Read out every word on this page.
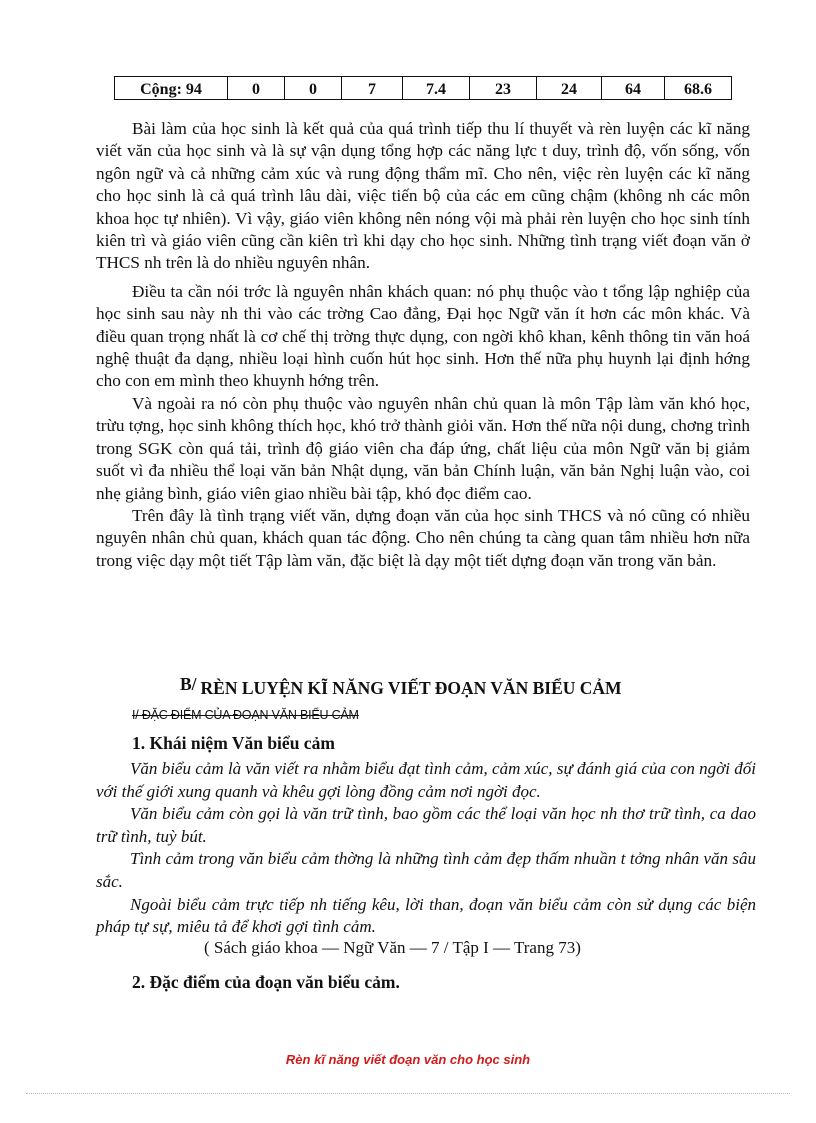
Cộng: 94	0	0	7	7.4	23	24	64	68.6

Bài làm của học sinh là kết quả của quá trình tiếp thu lí thuyết và rèn luyện các kĩ năng viết văn của học sinh và là sự vận dụng tổng hợp các năng lực t duy, trình độ, vốn sống, vốn ngôn ngữ và cả những cảm xúc và rung động thẩm mĩ. Cho nên, việc rèn luyện các kĩ năng cho học sinh là cả quá trình lâu dài, việc tiến bộ của các em cũng chậm (không nh các môn khoa học tự nhiên). Vì vậy, giáo viên không nên nóng vội mà phải rèn luyện cho học sinh tính kiên trì và giáo viên cũng cần kiên trì khi dạy cho học sinh. Những tình trạng viết đoạn văn ở THCS nh trên là do nhiều nguyên nhân.

Điều ta cần nói trớc là nguyên nhân khách quan: nó phụ thuộc vào t tổng lập nghiệp của học sinh sau này nh thi vào các trờng Cao đẳng, Đại học Ngữ văn ít hơn các môn khác. Và điều quan trọng nhất là cơ chế thị trờng thực dụng, con ngời khô khan, kênh thông tin văn hoá nghệ thuật đa dạng, nhiều loại hình cuốn hút học sinh. Hơn thế nữa phụ huynh lại định hớng cho con em mình theo khuynh hớng trên.

Và ngoài ra nó còn phụ thuộc vào nguyên nhân chủ quan là môn Tập làm văn khó học, trừu tợng, học sinh không thích học, khó trở thành giỏi văn. Hơn thế nữa nội dung, chơng trình trong SGK còn quá tải, trình độ giáo viên cha đáp ứng, chất liệu của môn Ngữ văn bị giảm suốt vì đa nhiều thể loại văn bản Nhật dụng, văn bản Chính luận, văn bản Nghị luận vào, coi nhẹ giảng bình, giáo viên giao nhiều bài tập, khó đọc điểm cao.

Trên đây là tình trạng viết văn, dựng đoạn văn của học sinh THCS và nó cũng có nhiều nguyên nhân chủ quan, khách quan tác động. Cho nên chúng ta càng quan tâm nhiều hơn nữa trong việc dạy một tiết Tập làm văn, đặc biệt là dạy một tiết dựng đoạn văn trong văn bản.

B/ RÈN LUYỆN KĨ NĂNG VIẾT ĐOẠN VĂN BIỂU CẢM
I/ ĐẶC ĐIỂM CỦA ĐOẠN VĂN BIỂU CẢM
1. Khái niệm Văn biểu cảm

Văn biểu cảm là văn viết ra nhằm biểu đạt tình cảm, cảm xúc, sự đánh giá của con ngời đối với thế giới xung quanh và khêu gợi lòng đồng cảm nơi ngời đọc.

Văn biểu cảm còn gọi là văn trữ tình, bao gồm các thể loại văn học nh thơ trữ tình, ca dao trữ tình, tuỳ bút.

Tình cảm trong văn biểu cảm thờng là những tình cảm đẹp thấm nhuần t tởng nhân văn sâu sắc.

Ngoài biểu cảm trực tiếp nh tiếng kêu, lời than, đoạn văn biểu cảm còn sử dụng các biện pháp tự sự, miêu tả để khơi gợi tình cảm.

( Sách giáo khoa — Ngữ Văn — 7 / Tập I — Trang 73)
2. Đặc điểm của đoạn văn biểu cảm.
Rèn kĩ năng viết đoạn văn cho học sinh
